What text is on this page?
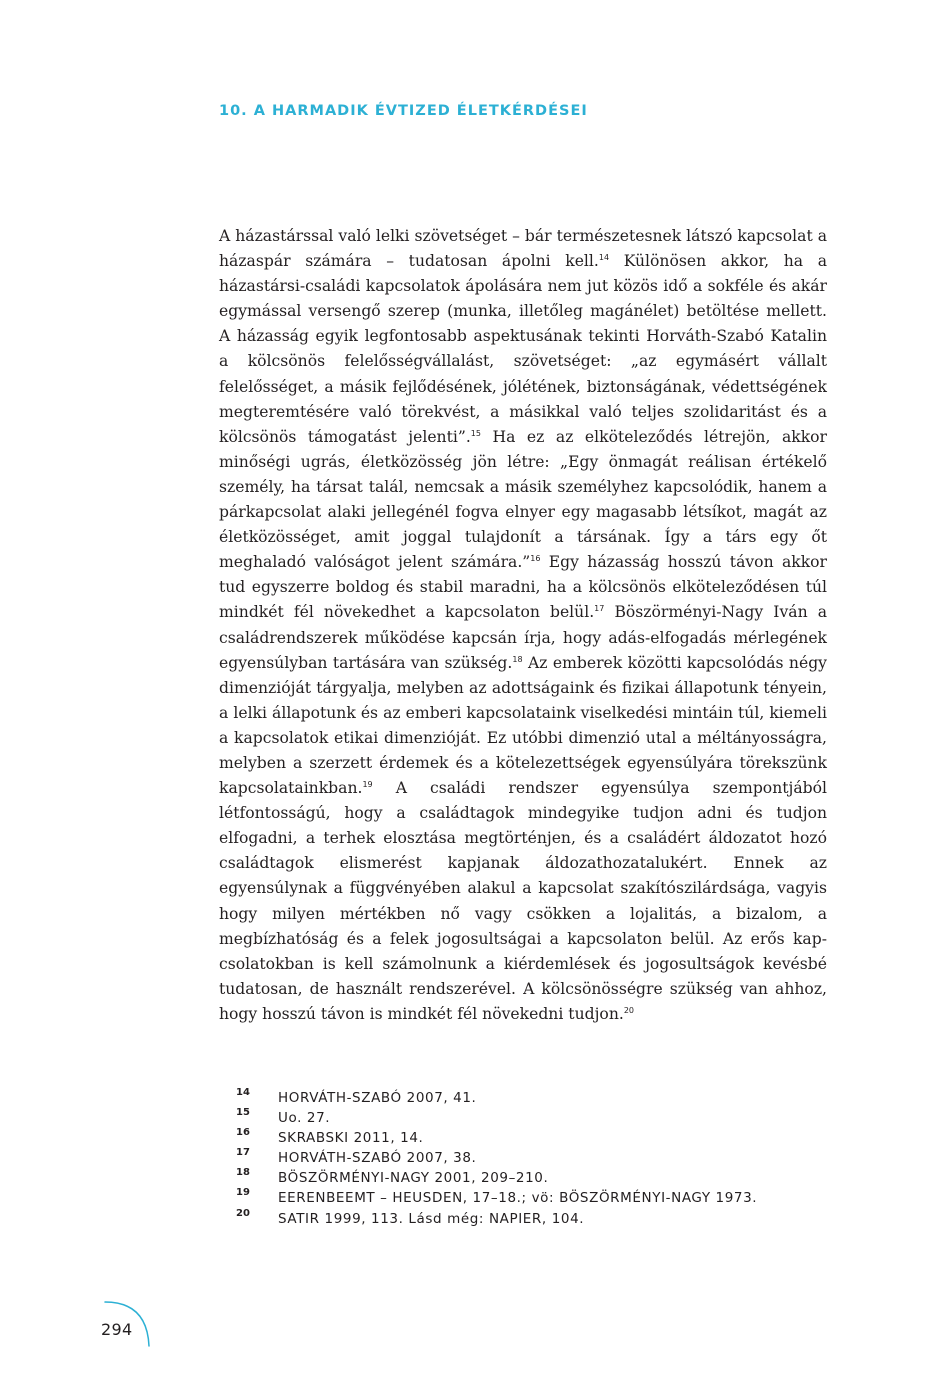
10. A HARMADIK ÉVTIZED ÉLETKÉRDÉSEI

A házastárssal való lelki szövetséget – bár természetesnek látszó kapcsolat a házaspár számára – tudatosan ápolni kell.$^{14}$ Különösen akkor, ha a házastársi-családi kapcsolatok ápolására nem jut közös idő a sokféle és akár egymással versengő szerep (munka, illetőleg magánélet) betöltése mellett. A házasság egyik legfontosabb aspektusának tekinti Horváth-Szabó Katalin a kölcsönös felelősségvállalást, szövetséget: „az egymásért vállalt felelősséget, a másik fejlődésének, jólétének, biztonságának, védettségének megteremtésére való törekvést, a másikkal való teljes szolidaritást és a kölcsönös támogatást jelenti”.$^{15}$ Ha ez az elköteleződés létrejön, akkor minőségi ugrás, életközösség jön létre: „Egy önmagát reálisan értékelő személy, ha társat talál, nemcsak a másik személyhez kapcsolódik, hanem a párkapcsolat alaki jellegénél fogva elnyer egy magasabb létsíkot, magát az életközösséget, amit joggal tulajdonít a társának. Így a társ egy őt meghaladó valóságot jelent számára.”$^{16}$ Egy házasság hosszú távon akkor tud egyszerre boldog és stabil maradni, ha a kölcsönös elköteleződésen túl mindkét fél növekedhet a kapcsolaton belül.$^{17}$ Böszörményi-Nagy Iván a családrendszerek működése kapcsán írja, hogy adás-elfogadás mérlegének egyensúlyban tartására van szükség.$^{18}$ Az emberek közötti kapcsolódás négy dimenzióját tárgyalja, melyben az adottságaink és fizikai állapotunk tényein, a lelki állapotunk és az emberi kapcsolataink viselkedési mintáin túl, kiemeli a kapcsolatok etikai dimenzióját. Ez utóbbi dimenzió utal a méltányosságra, melyben a szerzett érdemek és a kötelezettségek egyensúlyára törekszünk kapcsolatainkban.$^{19}$ A családi rendszer egyensúlya szempontjából létfontosságú, hogy a családtagok mindegyike tudjon adni és tudjon elfogadni, a terhek elosztása megtörténjen, és a családért áldozatot hozó családtagok elismerést kapjanak áldozathozatalukért. Ennek az egyensúlynak a függvényében alakul a kapcsolat szakítószilárdsága, vagyis hogy milyen mértékben nő vagy csökken a lojalitás, a bizalom, a megbízhatóság és a felek jogosultságai a kapcsolaton belül. Az erős kapcsolatokban is kell számolnunk a kiérdemlések és jogosultságok kevésbé tudatosan, de használt rendszerével. A kölcsönösségre szükség van ahhoz, hogy hosszú távon is mindkét fél növekedni tudjon.$^{20}$

14 HORVÁTH-SZABÓ 2007, 41.
15 Uo. 27.
16 SKRABSKI 2011, 14.
17 HORVÁTH-SZABÓ 2007, 38.
18 BÖSZÖRMÉNYI-NAGY 2001, 209–210.
19 EERENBEEMT – HEUSDEN, 17–18.; vö: BÖSZÖRMÉNYI-NAGY 1973.
20 SATIR 1999, 113. Lásd még: NAPIER, 104.
294
